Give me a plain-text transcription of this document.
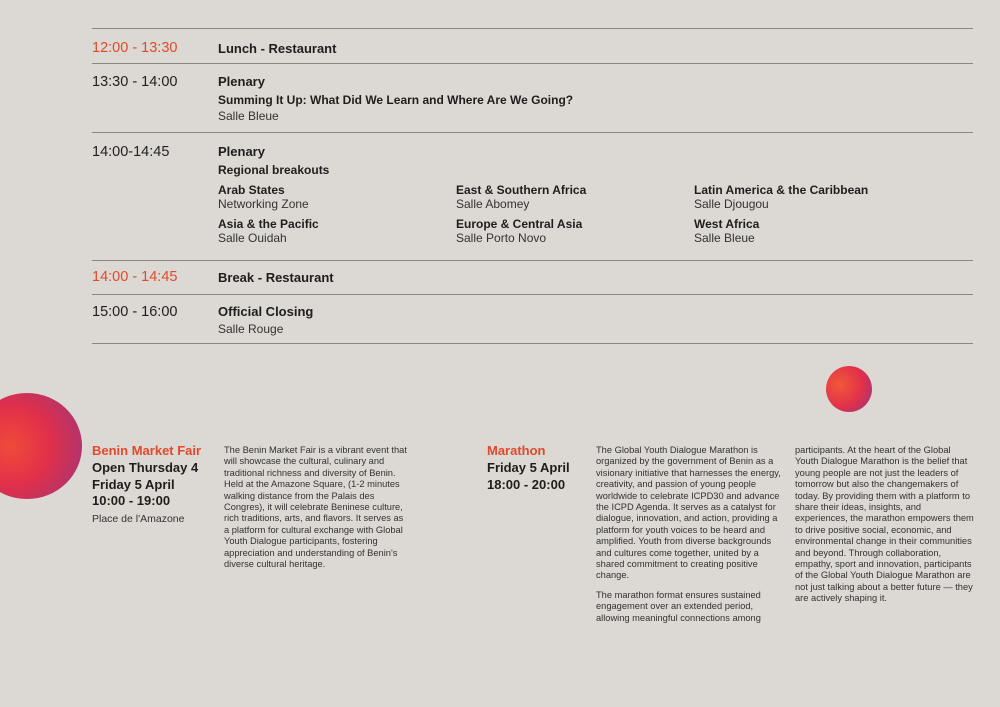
12:00 - 13:30	Lunch - Restaurant
13:30 - 14:00	Plenary
Summing It Up: What Did We Learn and Where Are We Going?
Salle Bleue
14:00-14:45	Plenary
Regional breakouts
Arab States
Networking Zone
East & Southern Africa
Salle Abomey
Latin America & the Caribbean
Salle Djougou
Asia & the Pacific
Salle Ouidah
Europe & Central Asia
Salle Porto Novo
West Africa
Salle Bleue
14:00 - 14:45	Break - Restaurant
15:00 - 16:00	Official Closing
Salle Rouge
Benin Market Fair
Open Thursday 4
Friday 5 April
10:00 - 19:00
Place de l'Amazone

The Benin Market Fair is a vibrant event that will showcase the cultural, culinary and traditional richness and diversity of Benin. Held at the Amazone Square, (1-2 minutes walking distance from the Palais des Congres), it will celebrate Beninese culture, rich traditions, arts, and flavors. It serves as a platform for cultural exchange with Global Youth Dialogue participants, fostering appreciation and understanding of Benin's diverse cultural heritage.

Marathon
Friday 5 April
18:00 - 20:00

The Global Youth Dialogue Marathon is organized by the government of Benin as a visionary initiative that harnesses the energy, creativity, and passion of young people worldwide to celebrate ICPD30 and advance the ICPD Agenda. It serves as a catalyst for dialogue, innovation, and action, providing a platform for youth voices to be heard and amplified. Youth from diverse backgrounds and cultures come together, united by a shared commitment to creating positive change.

The marathon format ensures sustained engagement over an extended period, allowing meaningful connections among

participants. At the heart of the Global Youth Dialogue Marathon is the belief that young people are not just the leaders of tomorrow but also the changemakers of today. By providing them with a platform to share their ideas, insights, and experiences, the marathon empowers them to drive positive social, economic, and environmental change in their communities and beyond. Through collaboration, empathy, sport and innovation, participants of the Global Youth Dialogue Marathon are not just talking about a better future — they are actively shaping it.
